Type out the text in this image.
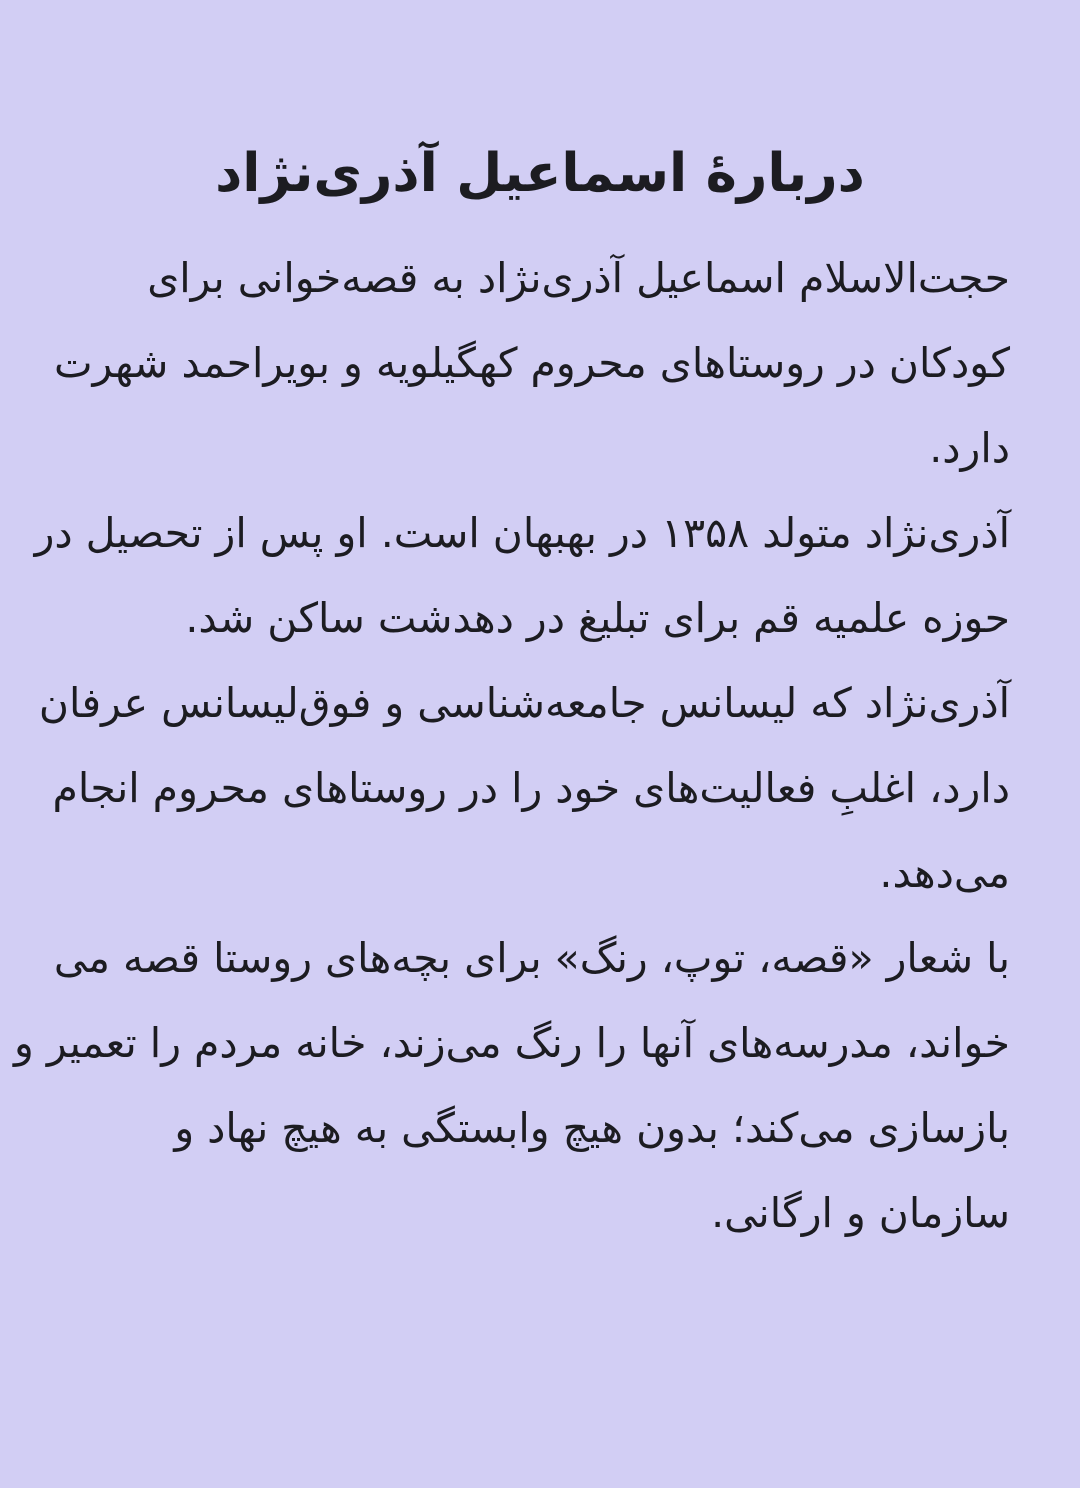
دربارهٔ اسماعیل آذری‌نژاد
حجت‌الاسلام اسماعیل آذری‌نژاد به قصه‌خوانی برای
کودکان در روستاهای محروم کهگیلویه و بویراحمد شهرت
دارد.
آذری‌نژاد متولد ۱۳۵۸ در بهبهان است. او پس از تحصیل در
حوزه علمیه قم برای تبلیغ در دهدشت ساکن شد.
آذری‌نژاد که لیسانس جامعه‌شناسی و فوق‌لیسانس عرفان
دارد، اغلبِ فعالیت‌های خود را در روستاهای محروم انجام
می‌دهد.
با شعار «قصه، توپ، رنگ» برای بچه‌های روستا قصه می
خواند، مدرسه‌های آنها را رنگ می‌زند، خانه مردم را تعمیر و
بازسازی می‌کند؛ بدون هیچ وابستگی به هیچ نهاد و
سازمان و ارگانی.
